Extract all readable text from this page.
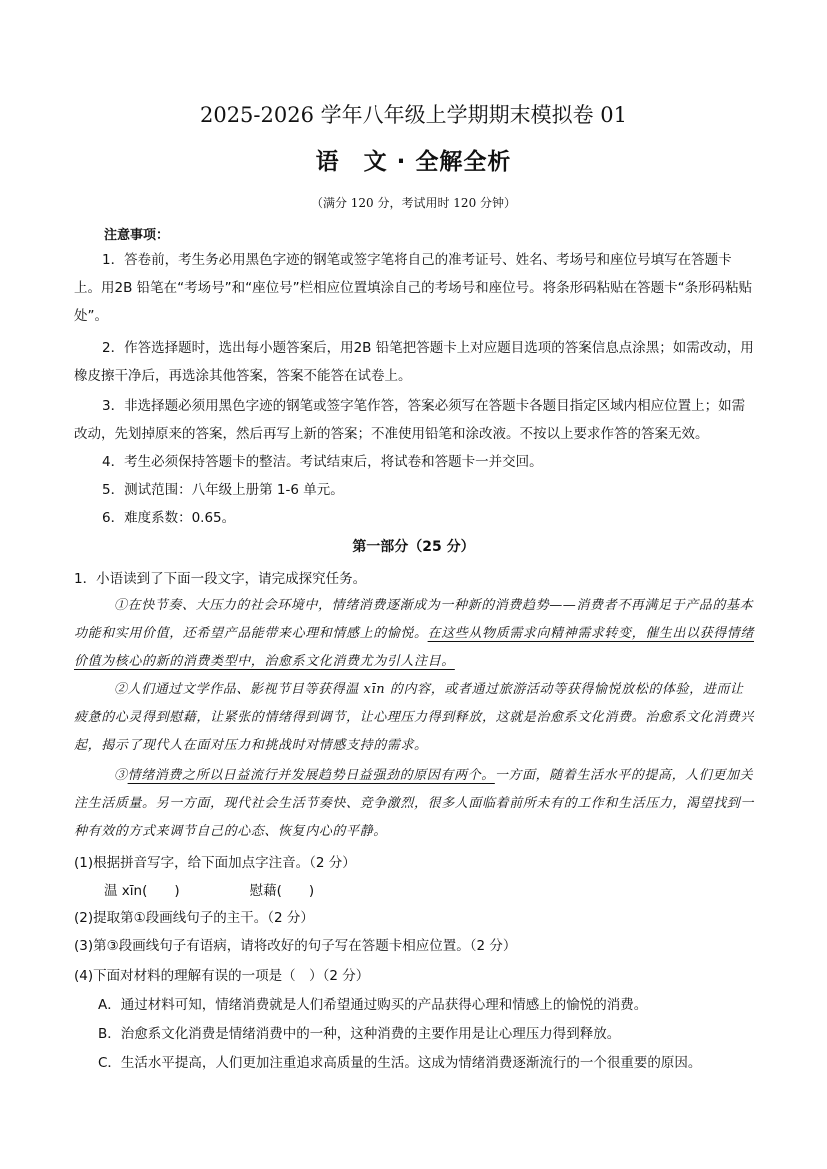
2025-2026 学年八年级上学期期末模拟卷 01
语　文 · 全解全析
（满分 120 分，考试用时 120 分钟）
注意事项：
1．答卷前，考生务必用黑色字迹的钢笔或签字笔将自己的准考证号、姓名、考场号和座位号填写在答题卡上。用2B 铅笔在“考场号”和“座位号”栏相应位置填涂自己的考场号和座位号。将条形码粘贴在答题卡“条形码粘贴处”。
2．作答选择题时，选出每小题答案后，用2B 铅笔把答题卡上对应题目选项的答案信息点涂黑；如需改动，用橡皮擦干净后，再选涂其他答案，答案不能答在试卷上。
3．非选择题必须用黑色字迹的钢笔或签字笔作答，答案必须写在答题卡各题目指定区域内相应位置上；如需改动，先划掉原来的答案，然后再写上新的答案；不准使用铅笔和涂改液。不按以上要求作答的答案无效。
4．考生必须保持答题卡的整洁。考试结束后，将试卷和答题卡一并交回。
5．测试范围：八年级上册第 1-6 单元。
6．难度系数：0.65。
第一部分（25 分）
1．小语读到了下面一段文字，请完成探究任务。
①在快节奏、大压力的社会环境中，情绪消费逐渐成为一种新的消费趋势——消费者不再满足于产品的基本功能和实用价值，还希望产品能带来心理和情感上的愉悦。在这些从物质需求向精神需求转变，催生出以获得情绪价值为核心的新的消费类型中，治愈系文化消费尤为引人注目。
②人们通过文学作品、影视节目等获得温 xīn 的内容，或者通过旅游活动等获得愉悦放松的体验，进而让疲惫的心灵得到慰藉，让紧张的情绪得到调节，让心理压力得到释放，这就是治愈系文化消费。治愈系文化消费兴起，揭示了现代人在面对压力和挑战时对情感支持的需求。
③情绪消费之所以日益流行并发展趋势日益强劲的原因有两个。一方面，随着生活水平的提高，人们更加关注生活质量。另一方面，现代社会生活节奏快、竞争激烈，很多人面临着前所未有的工作和生活压力，渴望找到一种有效的方式来调节自己的心态、恢复内心的平静。
(1)根据拼音写字，给下面加点字注音。（2 分）
温 xīn(　　)	慰藉(　　)
(2)提取第①段画线句子的主干。（2 分）
(3)第③段画线句子有语病，请将改好的句子写在答题卡相应位置。（2 分）
(4)下面对材料的理解有误的一项是（　）（2 分）
A．通过材料可知，情绪消费就是人们希望通过购买的产品获得心理和情感上的愉悦的消费。
B．治愈系文化消费是情绪消费中的一种，这种消费的主要作用是让心理压力得到释放。
C．生活水平提高，人们更加注重追求高质量的生活。这成为情绪消费逐渐流行的一个很重要的原因。
